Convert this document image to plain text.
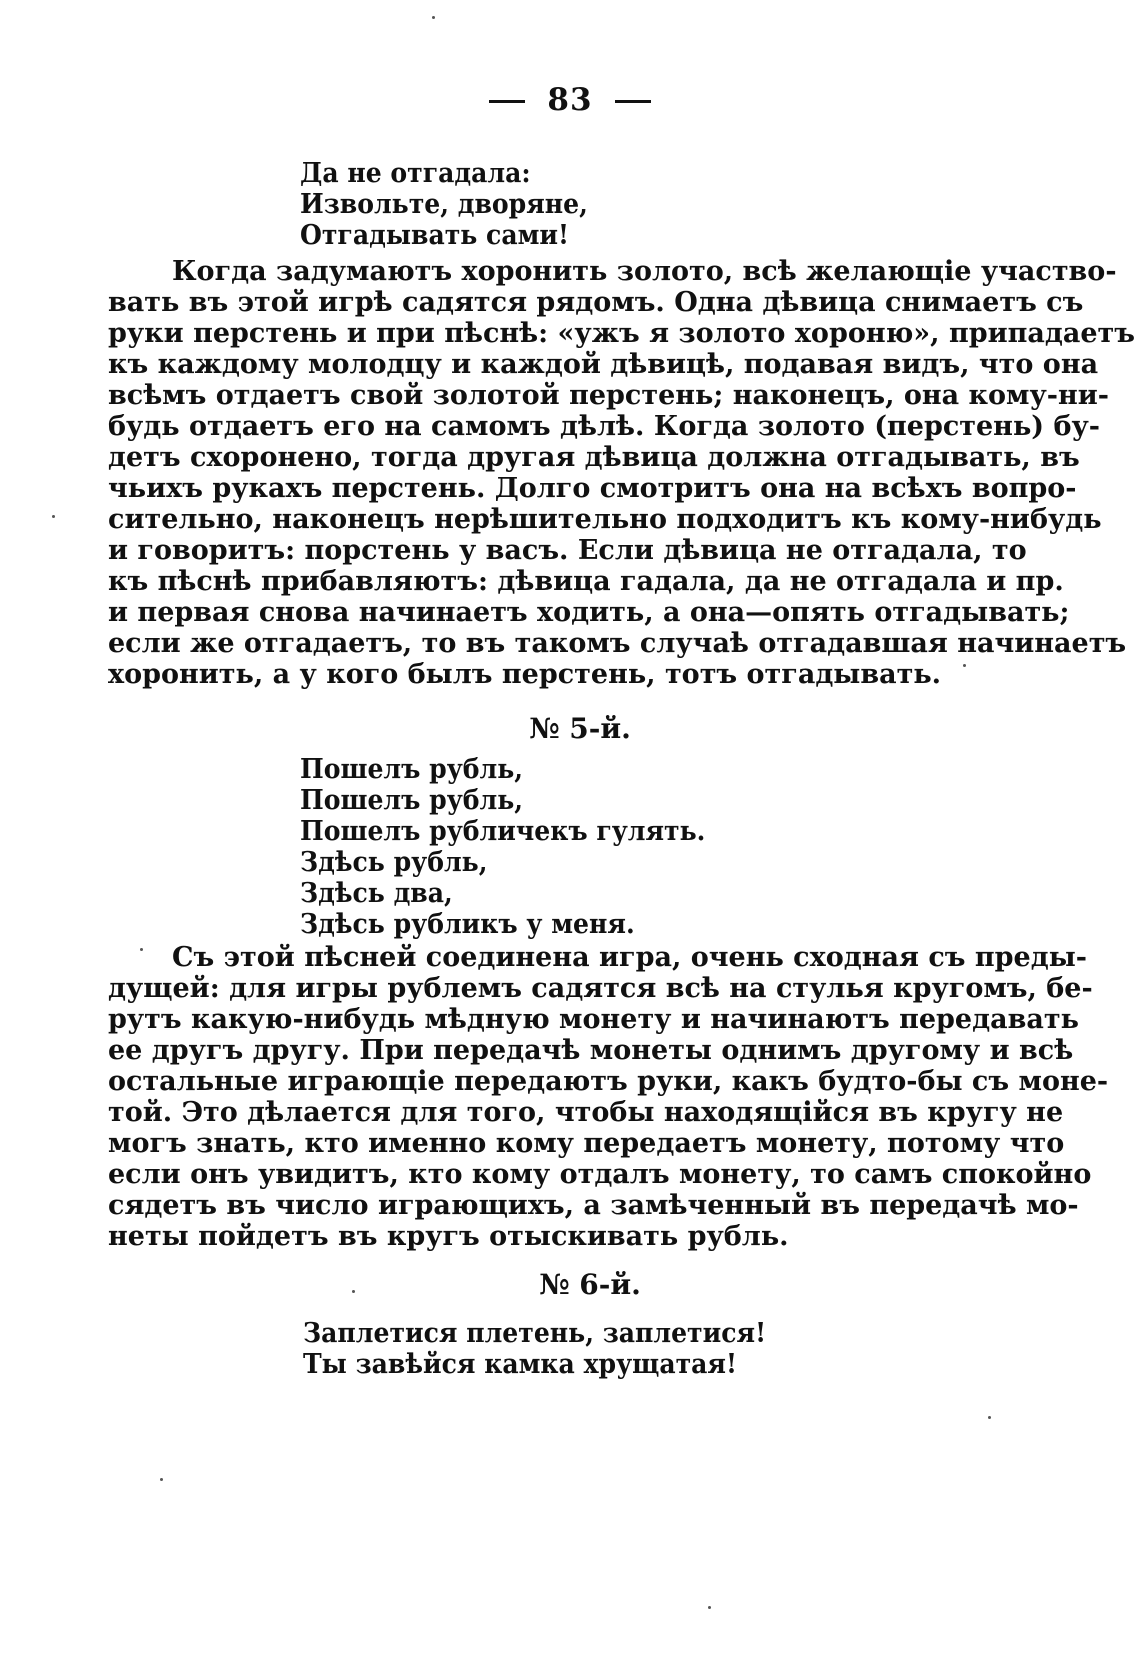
83
Да не отгадала:
Извольте, дворяне,
Отгадывать сами!
Когда задумаютъ хоронить золото, всѣ желающіе участво-
вать въ этой игрѣ садятся рядомъ. Одна дѣвица снимаетъ съ
руки перстень и при пѣснѣ: «ужъ я золото хороню», припадаетъ
къ каждому молодцу и каждой дѣвицѣ, подавая видъ, что она
всѣмъ отдаетъ свой золотой перстень; наконецъ, она кому-ни-
будь отдаетъ его на самомъ дѣлѣ. Когда золото (перстень) бу-
детъ схоронено, тогда другая дѣвица должна отгадывать, въ
чьихъ рукахъ перстень. Долго смотритъ она на всѣхъ вопро-
сительно, наконецъ нерѣшительно подходитъ къ кому-нибудь
и говоритъ: порстень у васъ. Если дѣвица не отгадала, то
къ пѣснѣ прибавляютъ: дѣвица гадала, да не отгадала и пр.
и первая снова начинаетъ ходить, а она—опять отгадывать;
если же отгадаетъ, то въ такомъ случаѣ отгадавшая начинаетъ
хоронить, а у кого былъ перстень, тотъ отгадывать.
№ 5-й.
Пошелъ рубль,
Пошелъ рубль,
Пошелъ рубличекъ гулять.
Здѣсь рубль,
Здѣсь два,
Здѣсь рубликъ у меня.
Съ этой пѣсней соединена игра, очень сходная съ преды-
дущей: для игры рублемъ садятся всѣ на стулья кругомъ, бе-
рутъ какую-нибудь мѣдную монету и начинаютъ передавать
ее другъ другу. При передачѣ монеты однимъ другому и всѣ
остальные играющіе передаютъ руки, какъ будто-бы съ моне-
той. Это дѣлается для того, чтобы находящійся въ кругу не
могъ знать, кто именно кому передаетъ монету, потому что
если онъ увидитъ, кто кому отдалъ монету, то самъ спокойно
сядетъ въ число играющихъ, а замѣченный въ передачѣ мо-
неты пойдетъ въ кругъ отыскивать рубль.
№ 6-й.
Заплетися плетень, заплетися!
Ты завѣйся камка хрущатая!
